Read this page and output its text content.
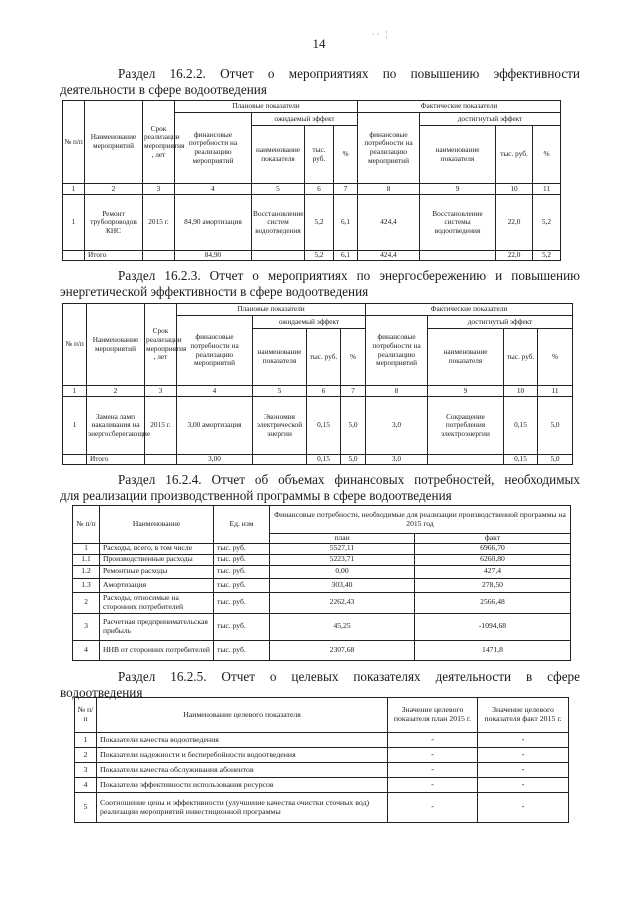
14
·· ¦
Раздел 16.2.2. Отчет о мероприятиях по повышению эффективности
деятельности в сфере водоотведения
№ п/п	Наименование мероприятий	Срок реализации мероприятия , лет	Плановые показатели				Фактические показатели			
			финансовые потребности на реализацию мероприятий	ожидаемый эффект			финансовые потребности на реализацию мероприятий	достигнутый эффект		
				наименование показателя	тыс. руб.	%		наименование показателя	тыс. руб.	%
1	2	3	4	5	6	7	8	9	10	11
1	Ремонт трубопроводов КНС	2015 г.	84,90 амортизация	Восстановление систем водоотведения	5,2	6,1	424,4	Восстановление системы водоотведения	22,0	5,2
	Итого		84,90		5,2	6,1	424,4		22,0	5,2
Раздел 16.2.3. Отчет о мероприятиях по энергосбережению и повышению
энергетической эффективности в сфере водоотведения
№ п/п	Наименование мероприятий	Срок реализации мероприятия , лет	Плановые показатели				Фактические показатели			
			финансовые потребности на реализацию мероприятий	ожидаемый эффект			финансовые потребности на реализацию мероприятий	достигнутый эффект		
				наименование показателя	тыс. руб.	%		наименование показателя	тыс. руб.	%
1	2	3	4	5	6	7	8	9	10	11
1	Замена ламп накаливания на энергосберегающие	2015 г.	3,00 амортизация	Экономия электрической энергии	0,15	5,0	3,0	Сокращение потребления электроэнергии	0,15	5,0
	Итого		3,00		0,15	5,0	3,0		0,15	5,0
Раздел 16.2.4. Отчет об объемах финансовых потребностей, необходимых
для реализации производственной программы в сфере водоотведения
№ п/п	Наименование	Ед. изм	Финансовые потребности, необходимые для реализации производственной программы на 2015 год	
			план	факт
1	Расходы, всего, в том числе	тыс. руб.	5527,11	6966,70
1.1	Производственные расходы	тыс. руб.	5223,71	6260,80
1.2	Ремонтные расходы	тыс. руб.	0,00	427,4
1.3	Амортизация	тыс. руб.	303,40	278,50
2	Расходы, относимые на сторонних потребителей	тыс. руб.	2262,43	2566,48
3	Расчетная предпринимательская прибыль	тыс. руб.	45,25	-1094,68
4	ННВ от сторонних потребителей	тыс. руб.	2307,68	1471,8
Раздел 16.2.5. Отчет о целевых показателях деятельности в сфере
водоотведения
№ п/п	Наименование целевого показателя	Значение целевого показателя план 2015 г.	Значение целевого показателя факт 2015 г.
1	Показатели качества водоотведения	-	-
2	Показатели надежности и бесперебойности водоотведения	-	-
3	Показатели качества обслуживания абонентов	-	-
4	Показатели эффективности использования ресурсов	-	-
5	Соотношение цены и эффективности (улучшение качества очистки сточных вод) реализации мероприятий инвестиционной программы	-	-
